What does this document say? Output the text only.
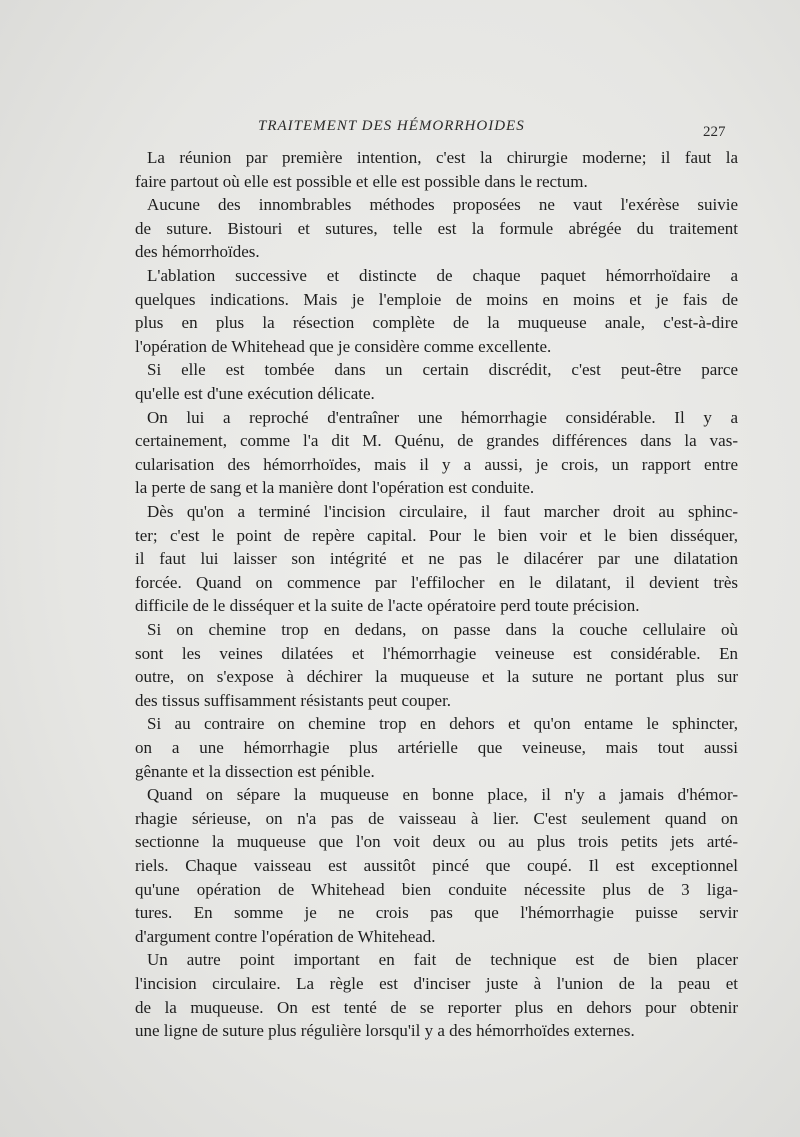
TRAITEMENT DES HÉMORRHOIDES	227
La réunion par première intention, c'est la chirurgie moderne; il faut la
faire partout où elle est possible et elle est possible dans le rectum.
Aucune des innombrables méthodes proposées ne vaut l'exérèse suivie
de suture. Bistouri et sutures, telle est la formule abrégée du traitement
des hémorrhoïdes.
L'ablation successive et distincte de chaque paquet hémorrhoïdaire a
quelques indications. Mais je l'emploie de moins en moins et je fais de
plus en plus la résection complète de la muqueuse anale, c'est-à-dire
l'opération de Whitehead que je considère comme excellente.
Si elle est tombée dans un certain discrédit, c'est peut-être parce
qu'elle est d'une exécution délicate.
On lui a reproché d'entraîner une hémorrhagie considérable. Il y a
certainement, comme l'a dit M. Quénu, de grandes différences dans la vas-
cularisation des hémorrhoïdes, mais il y a aussi, je crois, un rapport entre
la perte de sang et la manière dont l'opération est conduite.
Dès qu'on a terminé l'incision circulaire, il faut marcher droit au sphinc-
ter; c'est le point de repère capital. Pour le bien voir et le bien disséquer,
il faut lui laisser son intégrité et ne pas le dilacérer par une dilatation
forcée. Quand on commence par l'effilocher en le dilatant, il devient très
difficile de le disséquer et la suite de l'acte opératoire perd toute précision.
Si on chemine trop en dedans, on passe dans la couche cellulaire où
sont les veines dilatées et l'hémorrhagie veineuse est considérable. En
outre, on s'expose à déchirer la muqueuse et la suture ne portant plus sur
des tissus suffisamment résistants peut couper.
Si au contraire on chemine trop en dehors et qu'on entame le sphincter,
on a une hémorrhagie plus artérielle que veineuse, mais tout aussi
gênante et la dissection est pénible.
Quand on sépare la muqueuse en bonne place, il n'y a jamais d'hémor-
rhagie sérieuse, on n'a pas de vaisseau à lier. C'est seulement quand on
sectionne la muqueuse que l'on voit deux ou au plus trois petits jets arté-
riels. Chaque vaisseau est aussitôt pincé que coupé. Il est exceptionnel
qu'une opération de Whitehead bien conduite nécessite plus de 3 liga-
tures. En somme je ne crois pas que l'hémorrhagie puisse servir
d'argument contre l'opération de Whitehead.
Un autre point important en fait de technique est de bien placer
l'incision circulaire. La règle est d'inciser juste à l'union de la peau et
de la muqueuse. On est tenté de se reporter plus en dehors pour obtenir
une ligne de suture plus régulière lorsqu'il y a des hémorrhoïdes externes.
